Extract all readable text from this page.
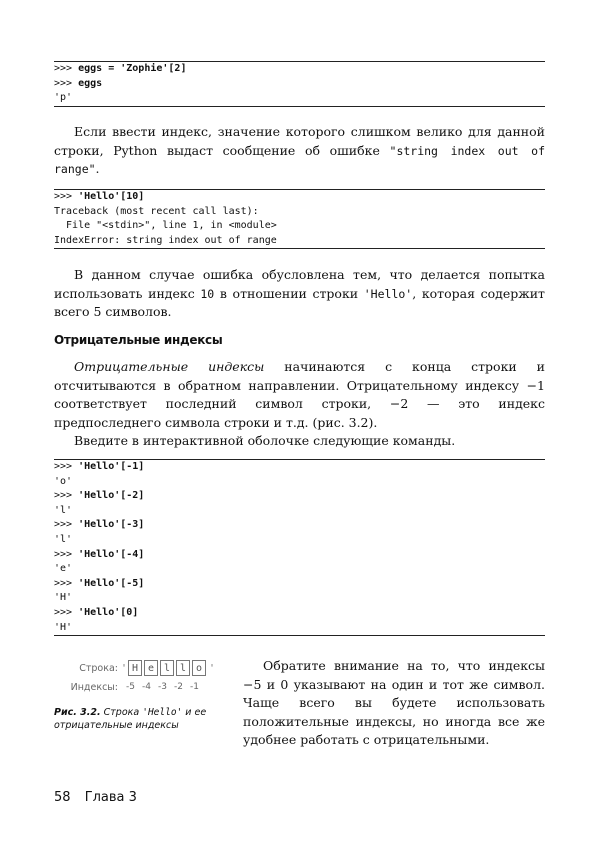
>>> eggs = 'Zophie'[2]
>>> eggs
'p'
Если ввести индекс, значение которого слишком велико для данной строки, Python выдаст сообщение об ошибке "string index out of range".
>>> 'Hello'[10]
Traceback (most recent call last):
File "<stdin>", line 1, in <module>
IndexError: string index out of range
В данном случае ошибка обусловлена тем, что делается попытка использовать индекс 10 в отношении строки 'Hello', которая содержит всего 5 символов.
Отрицательные индексы
Отрицательные индексы начинаются с конца строки и отсчитываются в обратном направлении. Отрицательному индексу −1 соответствует последний символ строки, −2 — это индекс предпоследнего символа строки и т.д. (рис. 3.2).
Введите в интерактивной оболочке следующие команды.
>>> 'Hello'[-1]
'o'
>>> 'Hello'[-2]
'l'
>>> 'Hello'[-3]
'l'
>>> 'Hello'[-4]
'e'
>>> 'Hello'[-5]
'H'
>>> 'Hello'[0]
'H'
Строка: ' H e l l o '
Индексы: -5 -4 -3 -2 -1
Рис. 3.2. Строка 'Hello' и ее отрицательные индексы
Обратите внимание на то, что индексы −5 и 0 указывают на один и тот же символ. Чаще всего вы будете использовать положительные индексы, но иногда все же удобнее работать с отрицательными.
58 Глава 3
